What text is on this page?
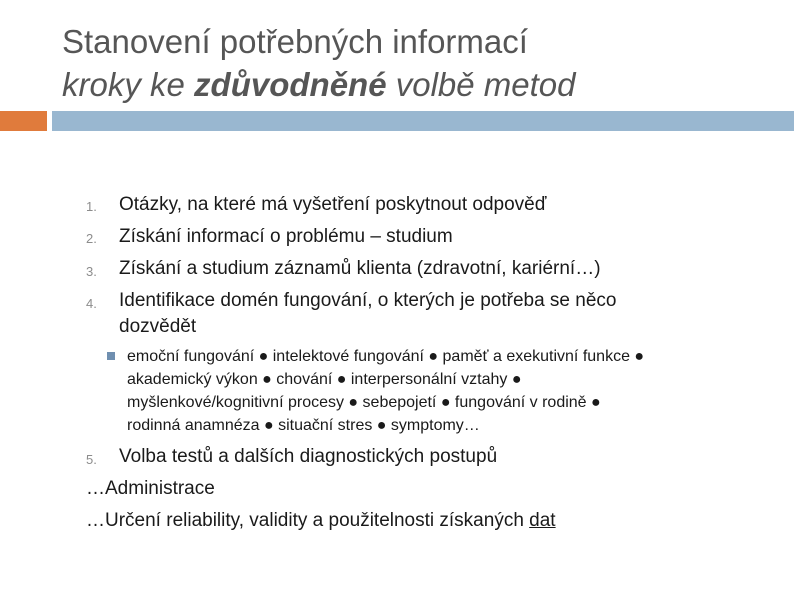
Stanovení potřebných informací
kroky ke zdůvodněné volbě metod
1. Otázky, na které má vyšetření poskytnout odpověď
2. Získání informací o problému – studium
3. Získání a studium záznamů klienta (zdravotní, kariérní…)
4. Identifikace domén fungování, o kterých je potřeba se něco
dozvědět
emoční fungování ● intelektové fungování ● paměť a exekutivní funkce ●
akademický výkon ● chování ● interpersonální vztahy ●
myšlenkové/kognitivní procesy ● sebepojetí ● fungování v rodině ●
rodinná anamnéza ● situační stres ● symptomy…
5. Volba testů a dalších diagnostických postupů
…Administrace
…Určení reliability, validity a použitelnosti získaných dat
